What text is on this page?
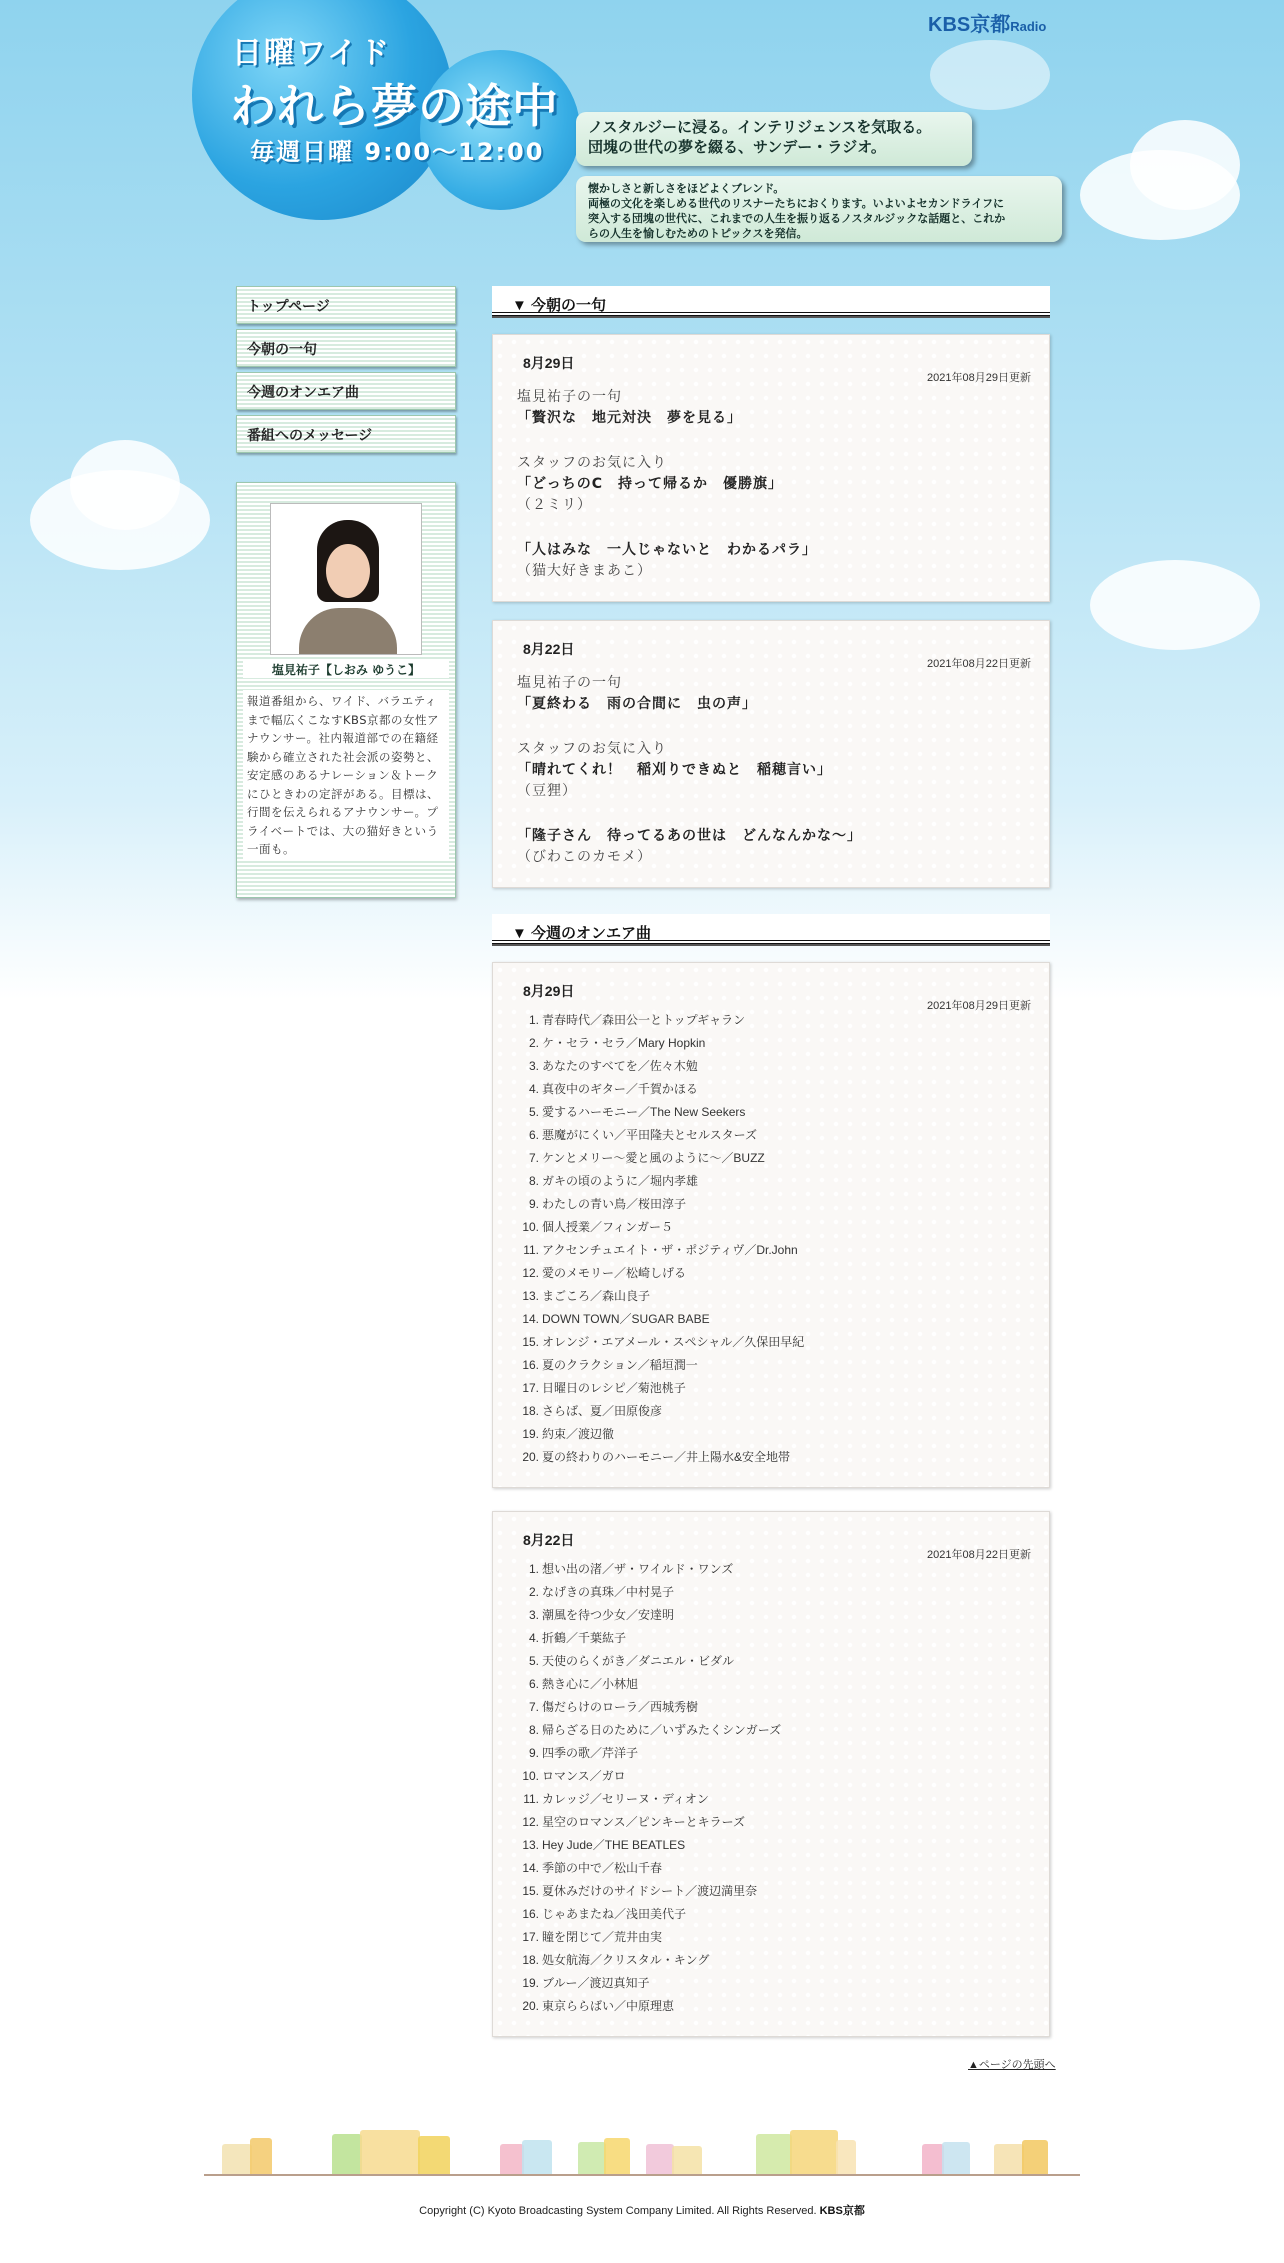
日曜ワイド
われら夢の途中
毎週日曜 9:00〜12:00
KBS京都Radio
ノスタルジーに浸る。インテリジェンスを気取る。
団塊の世代の夢を綴る、サンデー・ラジオ。
懐かしさと新しさをほどよくブレンド。
両極の文化を楽しめる世代のリスナーたちにおくります。いよいよセカンドライフに
突入する団塊の世代に、これまでの人生を振り返るノスタルジックな話題と、これか
らの人生を愉しむためのトピックスを発信。
トップページ
今朝の一句
今週のオンエア曲
番組へのメッセージ
塩見祐子【しおみ ゆうこ】
報道番組から、ワイド、バラエティまで幅広くこなすKBS京都の女性アナウンサー。社内報道部での在籍経験から確立された社会派の姿勢と、安定感のあるナレーション＆トークにひときわの定評がある。目標は、行間を伝えられるアナウンサー。プライベートでは、大の猫好きという一面も。
▼ 今朝の一句
8月29日
2021年08月29日更新
塩見祐子の一句
「贅沢な　地元対決　夢を見る」
スタッフのお気に入り
「どっちのC　持って帰るか　優勝旗」
（２ミリ）
「人はみな　一人じゃないと　わかるパラ」
（猫大好きまあこ）
8月22日
2021年08月22日更新
塩見祐子の一句
「夏終わる　雨の合間に　虫の声」
スタッフのお気に入り
「晴れてくれ！　稲刈りできぬと　稲穂言い」
（豆狸）
「隆子さん　待ってるあの世は　どんなんかな～」
（びわこのカモメ）
▼ 今週のオンエア曲
8月29日
2021年08月29日更新
1. 青春時代／森田公一とトップギャラン
2. ケ・セラ・セラ／Mary Hopkin
3. あなたのすべてを／佐々木勉
4. 真夜中のギター／千賀かほる
5. 愛するハーモニー／The New Seekers
6. 悪魔がにくい／平田隆夫とセルスターズ
7. ケンとメリー～愛と風のように～／BUZZ
8. ガキの頃のように／堀内孝雄
9. わたしの青い鳥／桜田淳子
10. 個人授業／フィンガー５
11. アクセンチュエイト・ザ・ポジティヴ／Dr.John
12. 愛のメモリー／松崎しげる
13. まごころ／森山良子
14. DOWN TOWN／SUGAR BABE
15. オレンジ・エアメール・スペシャル／久保田早紀
16. 夏のクラクション／稲垣潤一
17. 日曜日のレシピ／菊池桃子
18. さらば、夏／田原俊彦
19. 約束／渡辺徹
20. 夏の終わりのハーモニー／井上陽水&安全地帯
8月22日
2021年08月22日更新
1. 想い出の渚／ザ・ワイルド・ワンズ
2. なげきの真珠／中村晃子
3. 潮風を待つ少女／安達明
4. 折鶴／千葉紘子
5. 天使のらくがき／ダニエル・ビダル
6. 熱き心に／小林旭
7. 傷だらけのローラ／西城秀樹
8. 帰らざる日のために／いずみたくシンガーズ
9. 四季の歌／芹洋子
10. ロマンス／ガロ
11. カレッジ／セリーヌ・ディオン
12. 星空のロマンス／ピンキーとキラーズ
13. Hey Jude／THE BEATLES
14. 季節の中で／松山千春
15. 夏休みだけのサイドシート／渡辺満里奈
16. じゃあまたね／浅田美代子
17. 瞳を閉じて／荒井由実
18. 処女航海／クリスタル・キング
19. ブルー／渡辺真知子
20. 東京ららばい／中原理恵
▲ページの先頭へ
Copyright (C) Kyoto Broadcasting System Company Limited. All Rights Reserved. KBS京都
